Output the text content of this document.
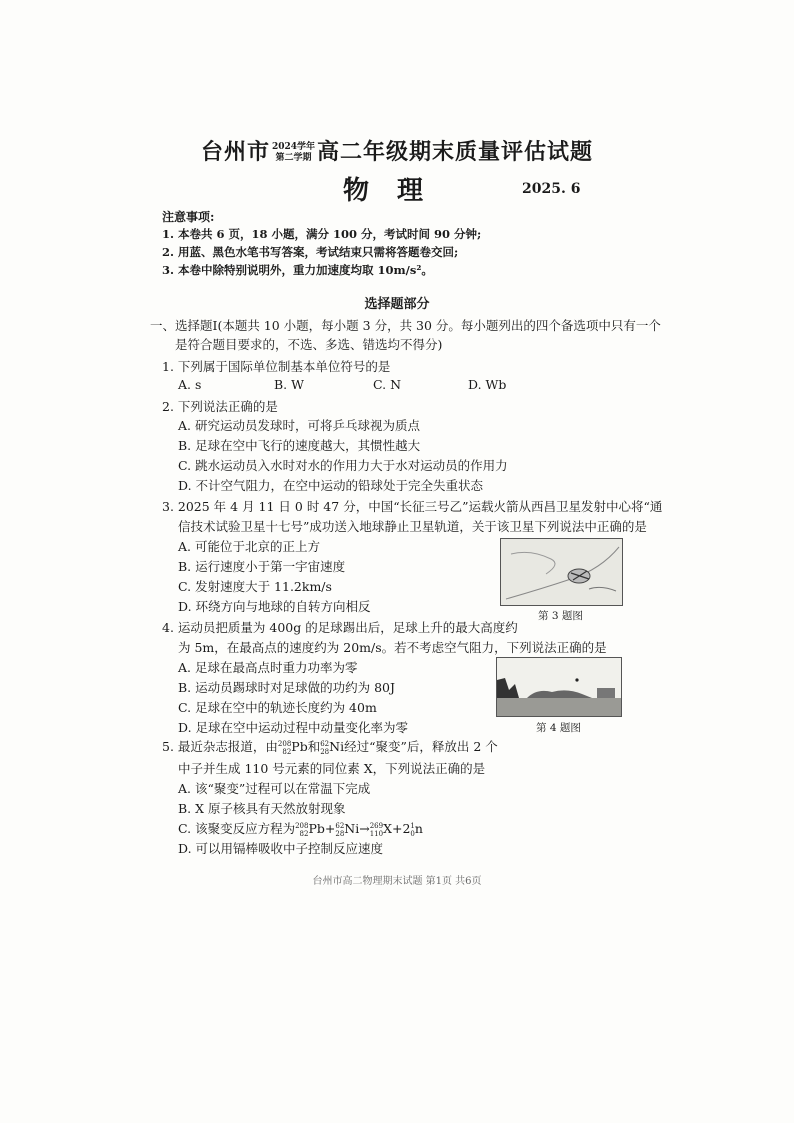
台州市 2024学年
第二学期 高二年级期末质量评估试题
物理	2025. 6
注意事项:
1. 本卷共 6 页，18 小题，满分 100 分，考试时间 90 分钟;
2. 用蓝、黑色水笔书写答案，考试结束只需将答题卷交回;
3. 本卷中除特别说明外，重力加速度均取 10m/s²。
选择题部分
一、选择题Ⅰ(本题共 10 小题，每小题 3 分，共 30 分。每小题列出的四个备选项中只有一个
是符合题目要求的，不选、多选、错选均不得分)
1. 下列属于国际单位制基本单位符号的是
A. s	B. W	C. N	D. Wb
2. 下列说法正确的是
A. 研究运动员发球时，可将乒乓球视为质点
B. 足球在空中飞行的速度越大，其惯性越大
C. 跳水运动员入水时对水的作用力大于水对运动员的作用力
D. 不计空气阻力，在空中运动的铅球处于完全失重状态
3. 2025 年 4 月 11 日 0 时 47 分，中国“长征三号乙”运载火箭从西昌卫星发射中心将“通
信技术试验卫星十七号”成功送入地球静止卫星轨道，关于该卫星下列说法中正确的是
A. 可能位于北京的正上方
B. 运行速度小于第一宇宙速度
C. 发射速度大于 11.2km/s
D. 环绕方向与地球的自转方向相反
第 3 题图
4. 运动员把质量为 400g 的足球踢出后，足球上升的最大高度约
为 5m，在最高点的速度约为 20m/s。若不考虑空气阻力，下列说法正确的是
A. 足球在最高点时重力功率为零
B. 运动员踢球时对足球做的功约为 80J
C. 足球在空中的轨迹长度约为 40m
D. 足球在空中运动过程中动量变化率为零	第 4 题图
5. 最近杂志报道，由208
82Pb和62
28Ni经过“聚变”后，释放出 2 个
中子并生成 110 号元素的同位素 X，下列说法正确的是
A. 该“聚变”过程可以在常温下完成
B. X 原子核具有天然放射现象
C. 该聚变反应方程为208
82Pb+62
28Ni→269
110X+21
0n
D. 可以用镉棒吸收中子控制反应速度
台州市高二物理期末试题 第1页 共6页
